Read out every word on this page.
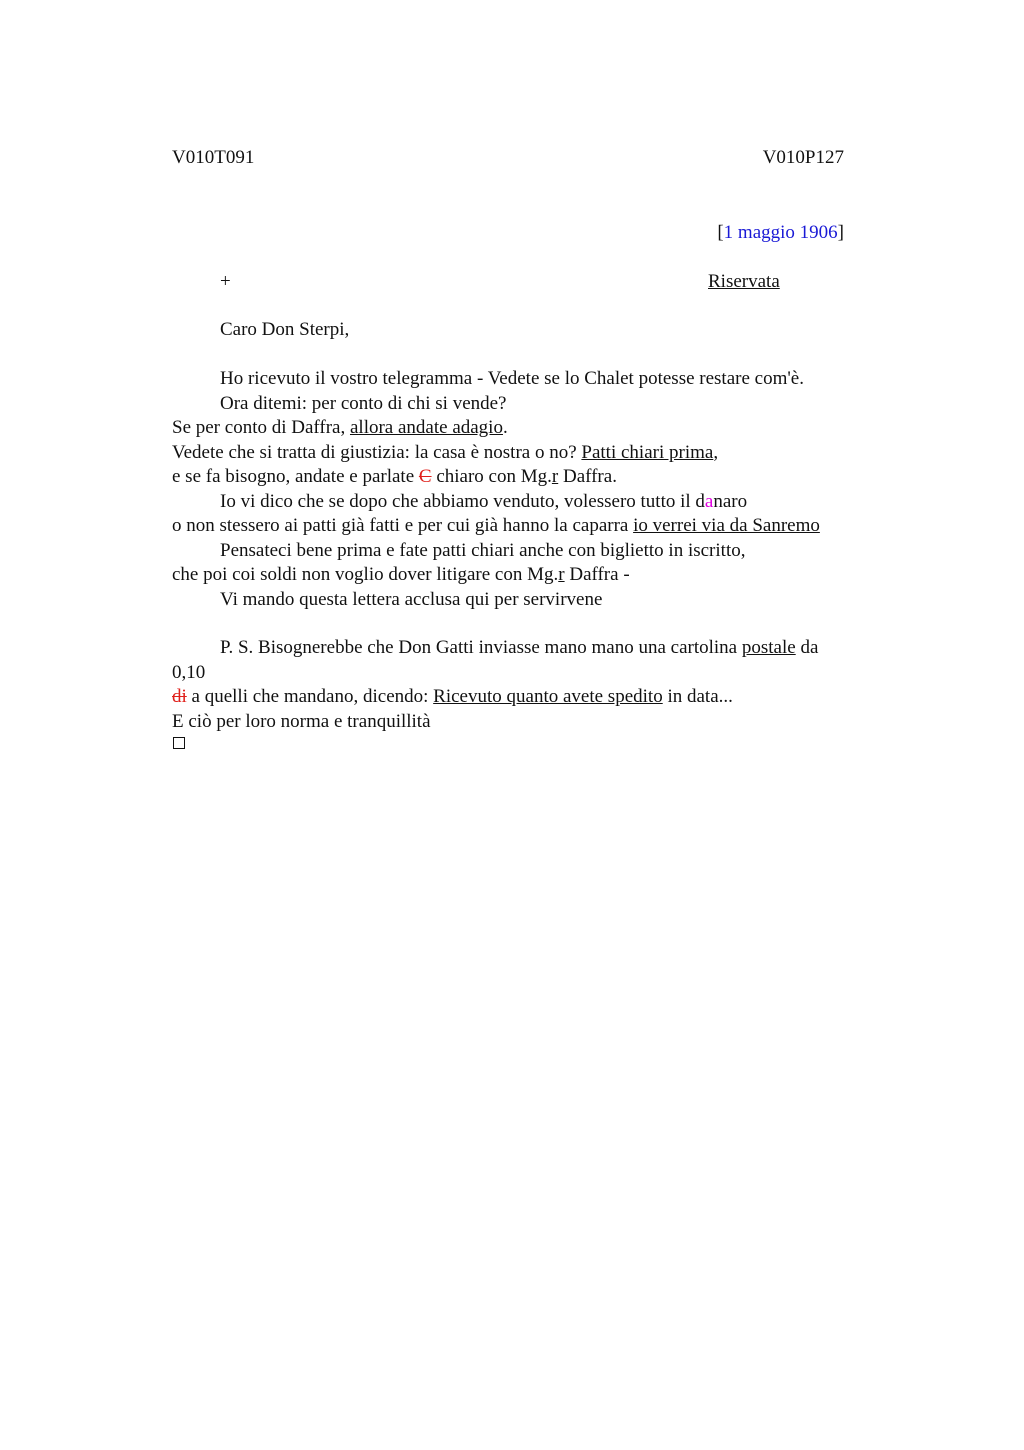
V010T091	V010P127
[1 maggio 1906]
+	Riservata
Caro Don Sterpi,
Ho ricevuto il vostro telegramma - Vedete se lo Chalet potesse restare com'è.
Ora ditemi: per conto di chi si vende?
Se per conto di Daffra, allora andate adagio.
Vedete che si tratta di giustizia: la casa è nostra o no? Patti chiari prima,
e se fa bisogno, andate e parlate C chiaro con Mg.r Daffra.
Io vi dico che se dopo che abbiamo venduto, volessero tutto il danaro
o non stessero ai patti già fatti e per cui già hanno la caparra io verrei via da Sanremo
Pensateci bene prima e fate patti chiari anche con biglietto in iscritto,
che poi coi soldi non voglio dover litigare con Mg.r Daffra -
Vi mando questa lettera acclusa qui per servirvene
P. S. Bisognerebbe che Don Gatti inviasse mano mano una cartolina postale da
0,10
di a quelli che mandano, dicendo: Ricevuto quanto avete spedito in data...
E ciò per loro norma e tranquillità
